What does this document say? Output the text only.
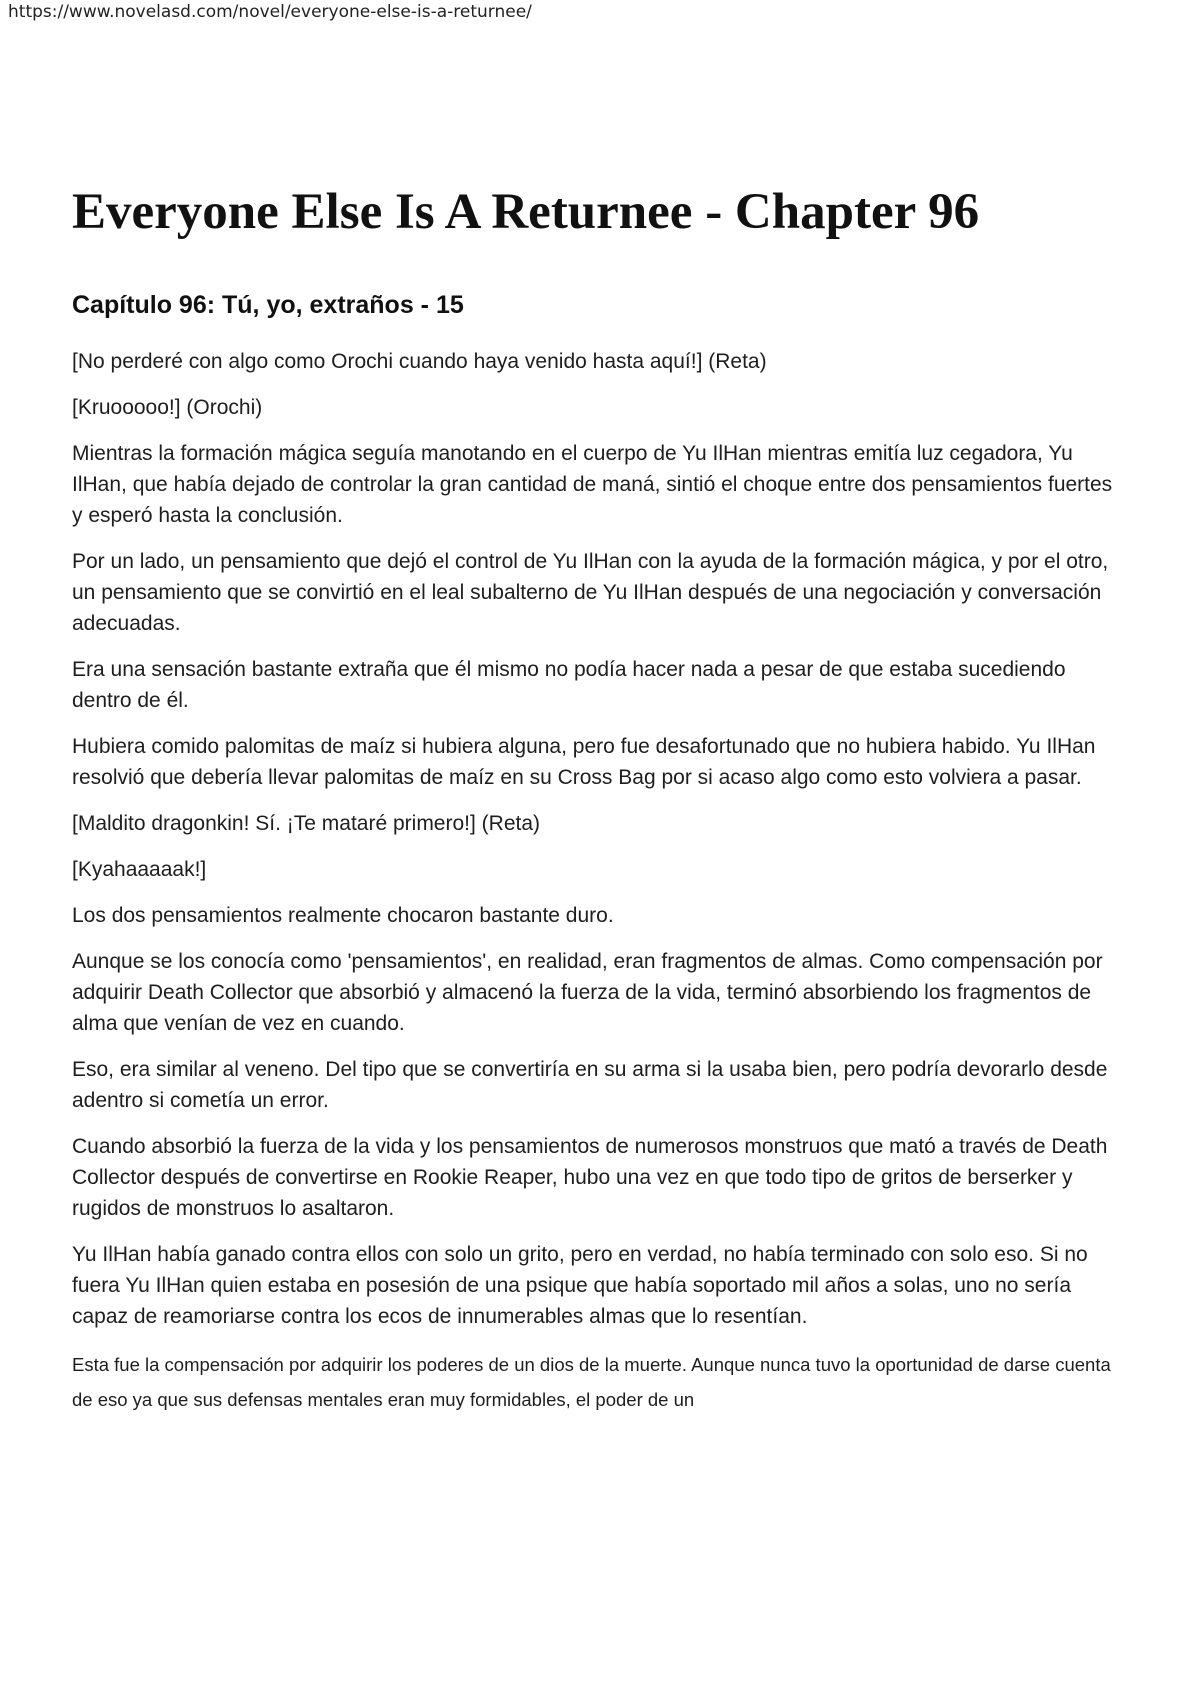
https://www.novelasd.com/novel/everyone-else-is-a-returnee/
Everyone Else Is A Returnee - Chapter 96
Capítulo 96: Tú, yo, extraños - 15

[No perderé con algo como Orochi cuando haya venido hasta aquí!] (Reta)

[Kruooooo!] (Orochi)

Mientras la formación mágica seguía manotando en el cuerpo de Yu IlHan mientras emitía luz cegadora, Yu IlHan, que había dejado de controlar la gran cantidad de maná, sintió el choque entre dos pensamientos fuertes y esperó hasta la conclusión.

Por un lado, un pensamiento que dejó el control de Yu IlHan con la ayuda de la formación mágica, y por el otro, un pensamiento que se convirtió en el leal subalterno de Yu IlHan después de una negociación y conversación adecuadas.

Era una sensación bastante extraña que él mismo no podía hacer nada a pesar de que estaba sucediendo dentro de él.

Hubiera comido palomitas de maíz si hubiera alguna, pero fue desafortunado que no hubiera habido. Yu IlHan resolvió que debería llevar palomitas de maíz en su Cross Bag por si acaso algo como esto volviera a pasar.

[Maldito dragonkin! Sí. ¡Te mataré primero!] (Reta)

[Kyahaaaaak!]

Los dos pensamientos realmente chocaron bastante duro.

Aunque se los conocía como 'pensamientos', en realidad, eran fragmentos de almas. Como compensación por adquirir Death Collector que absorbió y almacenó la fuerza de la vida, terminó absorbiendo los fragmentos de alma que venían de vez en cuando.

Eso, era similar al veneno. Del tipo que se convertiría en su arma si la usaba bien, pero podría devorarlo desde adentro si cometía un error.

Cuando absorbió la fuerza de la vida y los pensamientos de numerosos monstruos que mató a través de Death Collector después de convertirse en Rookie Reaper, hubo una vez en que todo tipo de gritos de berserker y rugidos de monstruos lo asaltaron.

Yu IlHan había ganado contra ellos con solo un grito, pero en verdad, no había terminado con solo eso. Si no fuera Yu IlHan quien estaba en posesión de una psique que había soportado mil años a solas, uno no sería capaz de reamoriarse contra los ecos de innumerables almas que lo resentían.

Esta fue la compensación por adquirir los poderes de un dios de la muerte. Aunque nunca tuvo la oportunidad de darse cuenta de eso ya que sus defensas mentales eran muy formidables, el poder de un
